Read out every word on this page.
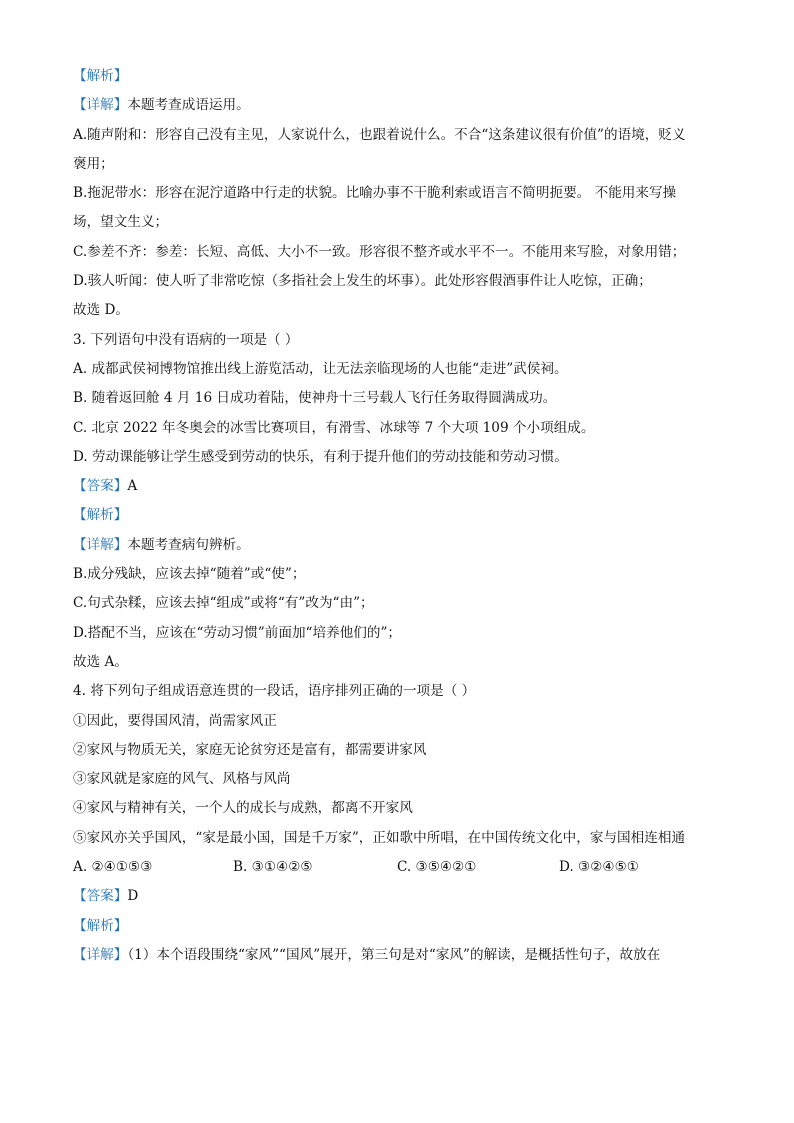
【解析】
【详解】本题考查成语运用。
A.随声附和：形容自己没有主见，人家说什么，也跟着说什么。不合“这条建议很有价值”的语境，贬义
褒用；
B.拖泥带水：形容在泥泞道路中行走的状貌。比喻办事不干脆利索或语言不简明扼要。 不能用来写操
场，望文生义；
C.参差不齐：参差：长短、高低、大小不一致。形容很不整齐或水平不一。不能用来写脸，对象用错；
D.骇人听闻：使人听了非常吃惊（多指社会上发生的坏事）。此处形容假酒事件让人吃惊，正确；
故选 D。
3. 下列语句中没有语病的一项是（ ）
A. 成都武侯祠博物馆推出线上游览活动，让无法亲临现场的人也能“走进”武侯祠。
B. 随着返回舱 4 月 16 日成功着陆，使神舟十三号载人飞行任务取得圆满成功。
C. 北京 2022 年冬奥会的冰雪比赛项目，有滑雪、冰球等 7 个大项 109 个小项组成。
D. 劳动课能够让学生感受到劳动的快乐，有利于提升他们的劳动技能和劳动习惯。
【答案】A
【解析】
【详解】本题考查病句辨析。
B.成分残缺，应该去掉“随着”或“使”；
C.句式杂糅，应该去掉“组成”或将“有”改为“由”；
D.搭配不当，应该在“劳动习惯”前面加“培养他们的”；
故选 A。
4. 将下列句子组成语意连贯的一段话，语序排列正确的一项是（ ）
①因此，要得国风清，尚需家风正
②家风与物质无关，家庭无论贫穷还是富有，都需要讲家风
③家风就是家庭的风气、风格与风尚
④家风与精神有关，一个人的成长与成熟，都离不开家风
⑤家风亦关乎国风，“家是最小国，国是千万家”，正如歌中所唱，在中国传统文化中，家与国相连相通
A. ②④①⑤③	B. ③①④②⑤	C. ③⑤④②①	D. ③②④⑤①
【答案】D
【解析】
【详解】（1）本个语段围绕“家风”“国风”展开，第三句是对“家风”的解读，是概括性句子，故放在
